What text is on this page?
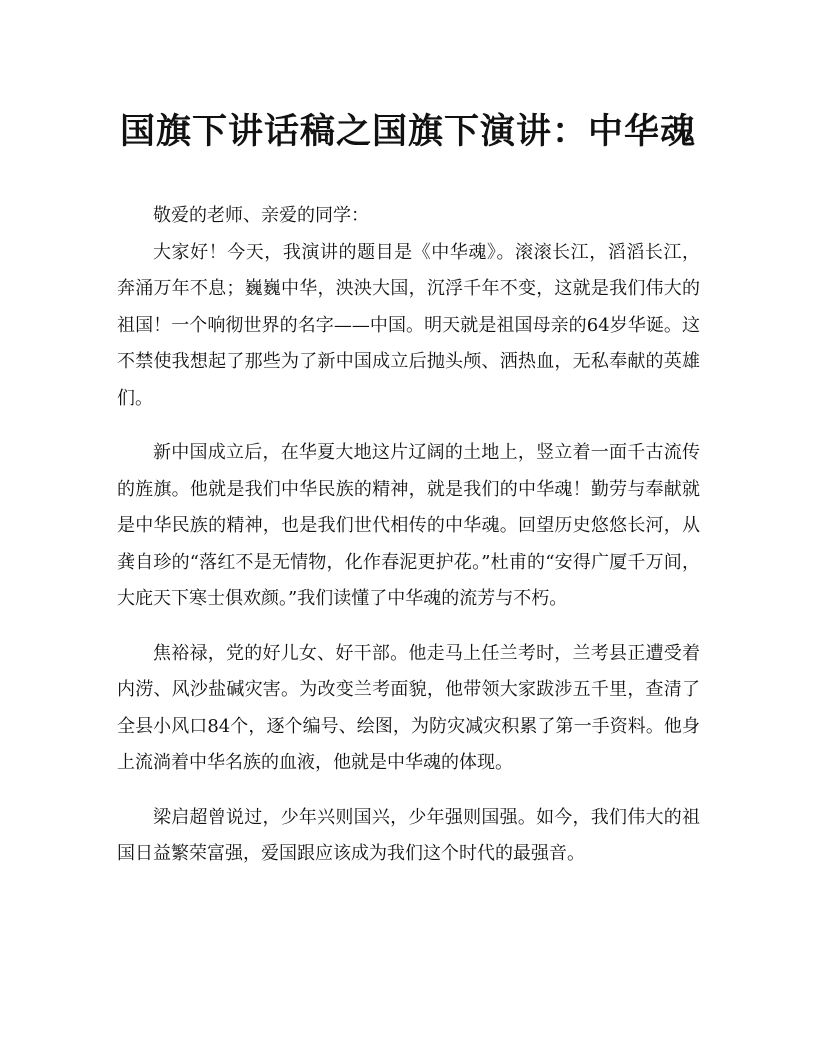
国旗下讲话稿之国旗下演讲：中华魂

敬爱的老师、亲爱的同学：

大家好！今天，我演讲的题目是《中华魂》。滚滚长江，滔滔长江，奔涌万年不息；巍巍中华，泱泱大国，沉浮千年不变，这就是我们伟大的祖国！一个响彻世界的名字——中国。明天就是祖国母亲的64岁华诞。这不禁使我想起了那些为了新中国成立后抛头颅、洒热血，无私奉献的英雄们。

新中国成立后，在华夏大地这片辽阔的土地上，竖立着一面千古流传的旌旗。他就是我们中华民族的精神，就是我们的中华魂！勤劳与奉献就是中华民族的精神，也是我们世代相传的中华魂。回望历史悠悠长河，从龚自珍的“落红不是无情物，化作春泥更护花。”杜甫的“安得广厦千万间，大庇天下寒士俱欢颜。”我们读懂了中华魂的流芳与不朽。

焦裕禄，党的好儿女、好干部。他走马上任兰考时，兰考县正遭受着内涝、风沙盐碱灾害。为改变兰考面貌，他带领大家跋涉五千里，查清了全县小风口84个，逐个编号、绘图，为防灾减灾积累了第一手资料。他身上流淌着中华名族的血液，他就是中华魂的体现。

梁启超曾说过，少年兴则国兴，少年强则国强。如今，我们伟大的祖国日益繁荣富强，爱国跟应该成为我们这个时代的最强音。
